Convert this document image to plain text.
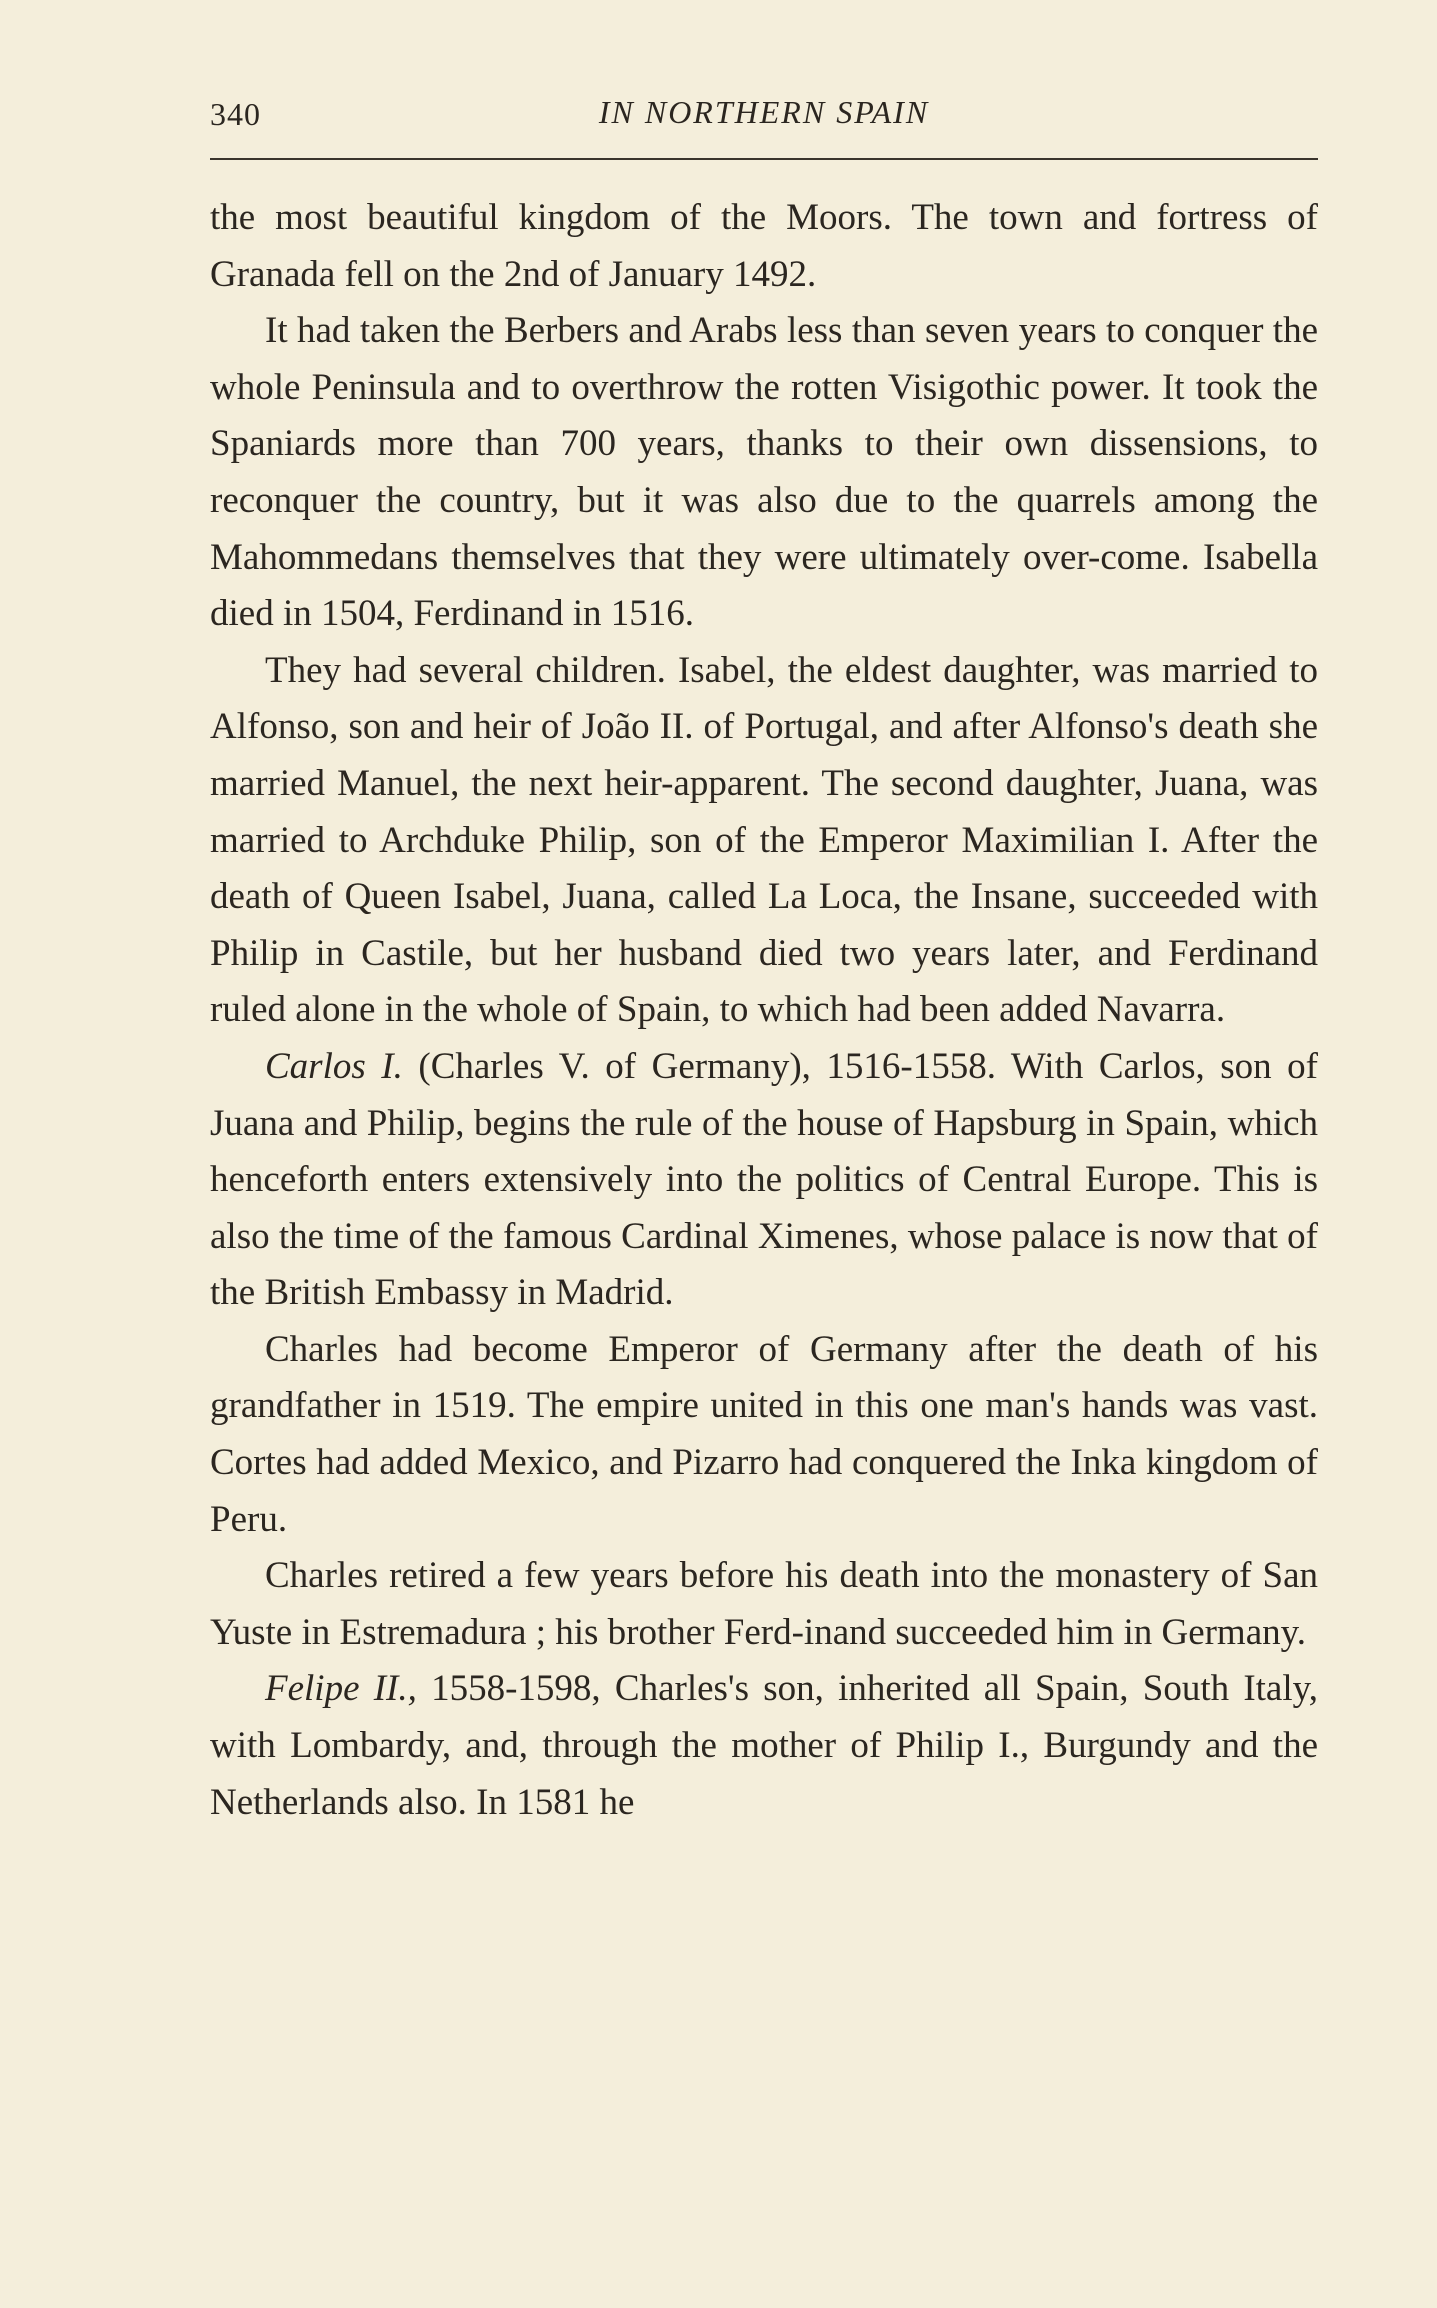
340	IN NORTHERN SPAIN

the most beautiful kingdom of the Moors. The town and fortress of Granada fell on the 2nd of January 1492.

It had taken the Berbers and Arabs less than seven years to conquer the whole Peninsula and to overthrow the rotten Visigothic power. It took the Spaniards more than 700 years, thanks to their own dissensions, to reconquer the country, but it was also due to the quarrels among the Mahommedans themselves that they were ultimately over-come. Isabella died in 1504, Ferdinand in 1516.

They had several children. Isabel, the eldest daughter, was married to Alfonso, son and heir of João II. of Portugal, and after Alfonso's death she married Manuel, the next heir-apparent. The second daughter, Juana, was married to Archduke Philip, son of the Emperor Maximilian I. After the death of Queen Isabel, Juana, called La Loca, the Insane, succeeded with Philip in Castile, but her husband died two years later, and Ferdinand ruled alone in the whole of Spain, to which had been added Navarra.

Carlos I. (Charles V. of Germany), 1516-1558. With Carlos, son of Juana and Philip, begins the rule of the house of Hapsburg in Spain, which henceforth enters extensively into the politics of Central Europe. This is also the time of the famous Cardinal Ximenes, whose palace is now that of the British Embassy in Madrid.

Charles had become Emperor of Germany after the death of his grandfather in 1519. The empire united in this one man's hands was vast. Cortes had added Mexico, and Pizarro had conquered the Inka kingdom of Peru.

Charles retired a few years before his death into the monastery of San Yuste in Estremadura ; his brother Ferd-inand succeeded him in Germany.

Felipe II., 1558-1598, Charles's son, inherited all Spain, South Italy, with Lombardy, and, through the mother of Philip I., Burgundy and the Netherlands also. In 1581 he
